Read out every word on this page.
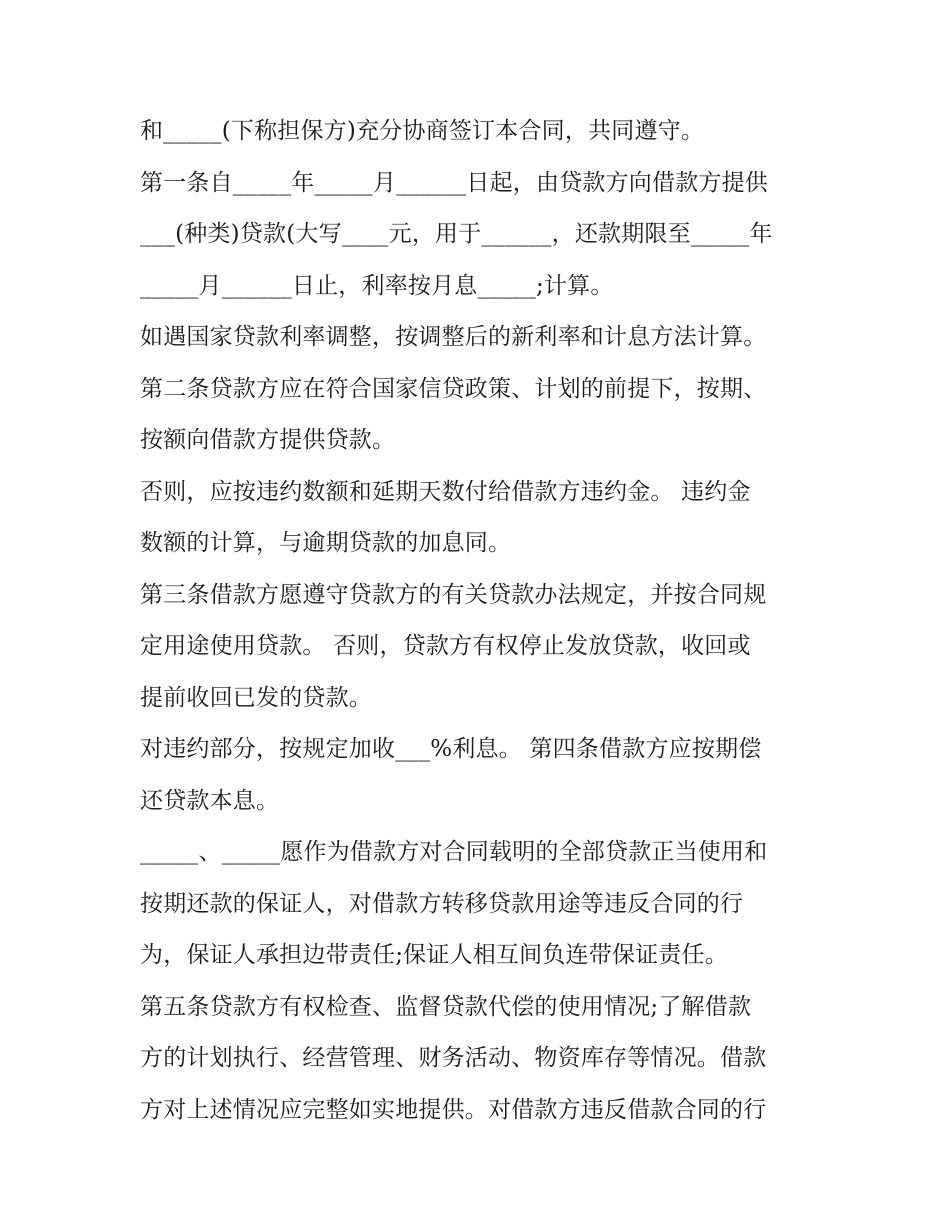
和_____(下称担保方)充分协商签订本合同，共同遵守。
第一条自_____年_____月______日起，由贷款方向借款方提供
___(种类)贷款(大写____元，用于______，还款期限至_____年
_____月______日止，利率按月息_____;计算。
如遇国家贷款利率调整，按调整后的新利率和计息方法计算。
第二条贷款方应在符合国家信贷政策、计划的前提下，按期、
按额向借款方提供贷款。
否则，应按违约数额和延期天数付给借款方违约金。 违约金
数额的计算，与逾期贷款的加息同。
第三条借款方愿遵守贷款方的有关贷款办法规定，并按合同规
定用途使用贷款。 否则，贷款方有权停止发放贷款，收回或
提前收回已发的贷款。
对违约部分，按规定加收___%利息。 第四条借款方应按期偿
还贷款本息。
_____、_____愿作为借款方对合同载明的全部贷款正当使用和
按期还款的保证人，对借款方转移贷款用途等违反合同的行
为，保证人承担边带责任;保证人相互间负连带保证责任。
第五条贷款方有权检查、监督贷款代偿的使用情况;了解借款
方的计划执行、经营管理、财务活动、物资库存等情况。借款
方对上述情况应完整如实地提供。对借款方违反借款合同的行
